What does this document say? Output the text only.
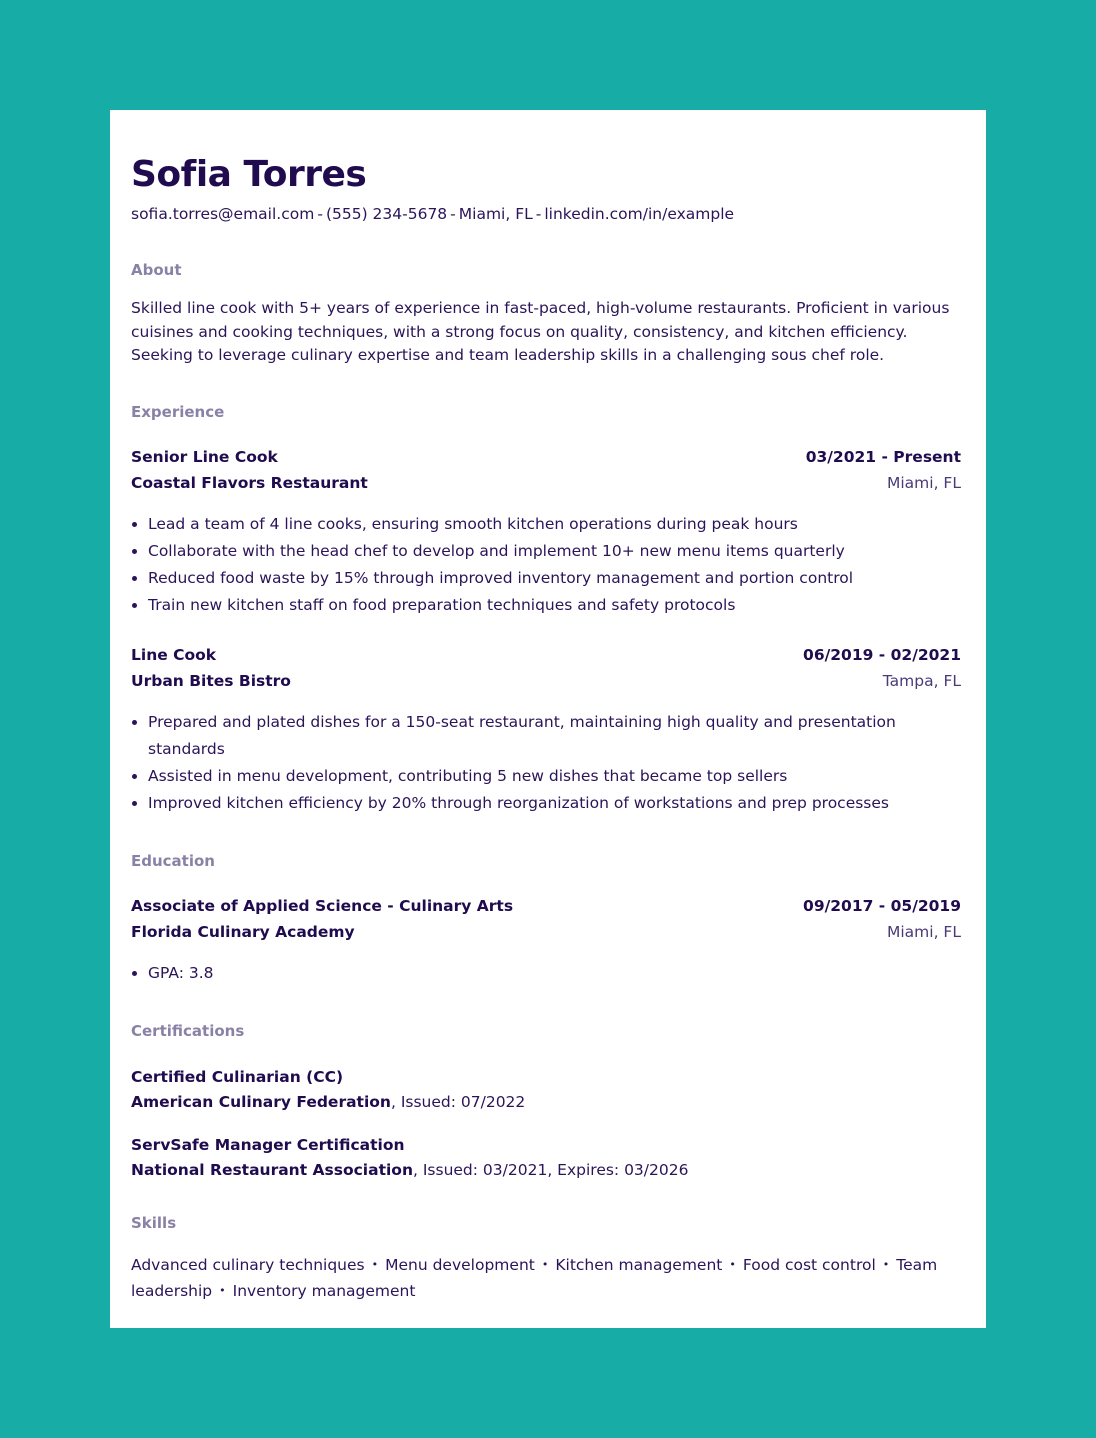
Sofia Torres
sofia.torres@email.com - (555) 234-5678 - Miami, FL - linkedin.com/in/example
About

Skilled line cook with 5+ years of experience in fast-paced, high-volume restaurants. Proficient in various cuisines and cooking techniques, with a strong focus on quality, consistency, and kitchen efficiency. Seeking to leverage culinary expertise and team leadership skills in a challenging sous chef role.

Experience
Senior Line Cook	03/2021 - Present
Coastal Flavors Restaurant	Miami, FL
• Lead a team of 4 line cooks, ensuring smooth kitchen operations during peak hours
• Collaborate with the head chef to develop and implement 10+ new menu items quarterly
• Reduced food waste by 15% through improved inventory management and portion control
• Train new kitchen staff on food preparation techniques and safety protocols
Line Cook	06/2019 - 02/2021
Urban Bites Bistro	Tampa, FL
• Prepared and plated dishes for a 150-seat restaurant, maintaining high quality and presentation standards
• Assisted in menu development, contributing 5 new dishes that became top sellers
• Improved kitchen efficiency by 20% through reorganization of workstations and prep processes
Education
Associate of Applied Science - Culinary Arts	09/2017 - 05/2019
Florida Culinary Academy	Miami, FL
• GPA: 3.8
Certifications
Certified Culinarian (CC)
American Culinary Federation, Issued: 07/2022
ServSafe Manager Certification
National Restaurant Association, Issued: 03/2021, Expires: 03/2026
Skills
Advanced culinary techniques • Menu development • Kitchen management • Food cost control • Team leadership • Inventory management
